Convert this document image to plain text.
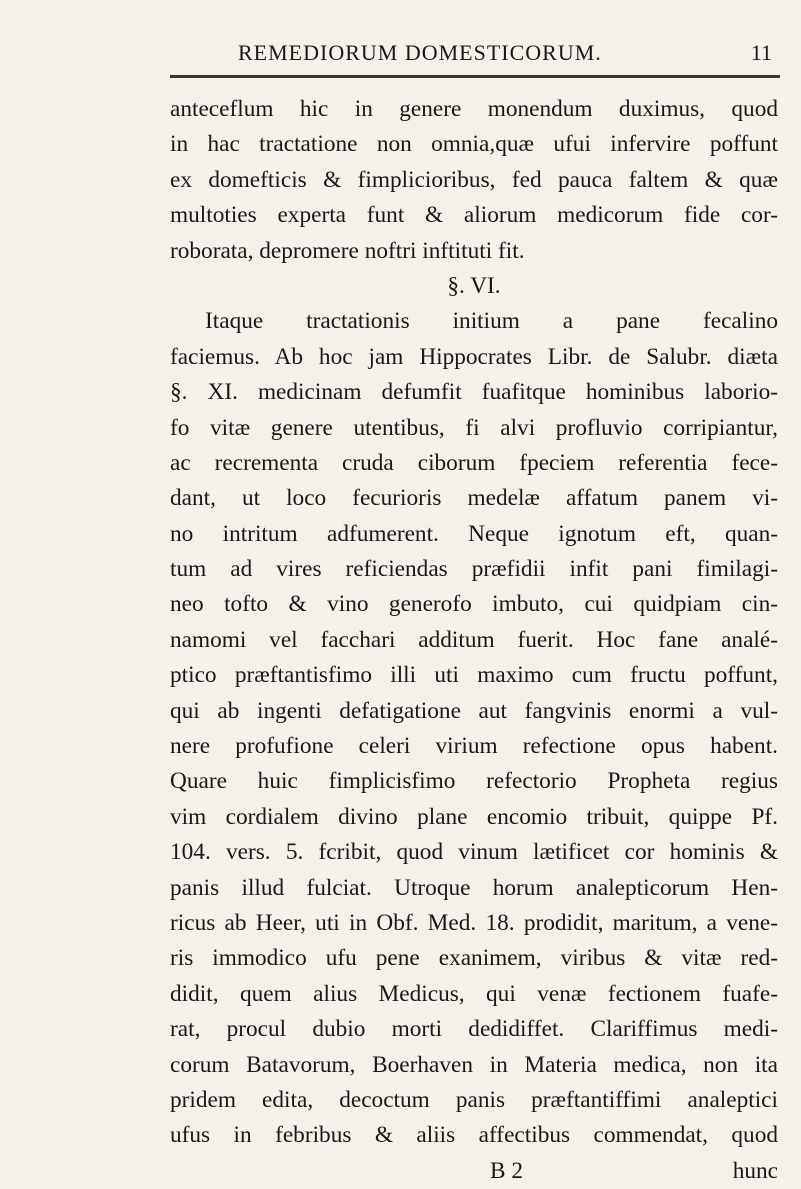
REMEDIORUM DOMESTICORUM.	11
anteceflum hic in genere monendum duximus, quod
in hac tractatione non omnia,quæ ufui infervire poffunt
ex domefticis & fimplicioribus, fed pauca faltem & quæ
multoties experta funt & aliorum medicorum fide cor-
roborata, depromere noftri inftituti fit.
§. VI.
Itaque tractationis initium a pane fecalino
faciemus. Ab hoc jam Hippocrates Libr. de Salubr. diæta
§. XI. medicinam defumfit fuafitque hominibus laborio-
fo vitæ genere utentibus, fi alvi profluvio corripiantur,
ac recrementa cruda ciborum fpeciem referentia fece-
dant, ut loco fecurioris medelæ affatum panem vi-
no intritum adfumerent. Neque ignotum eft, quan-
tum ad vires reficiendas præfidii infit pani fimilagi-
neo tofto & vino generofo imbuto, cui quidpiam cin-
namomi vel facchari additum fuerit. Hoc fane analé-
ptico præftantisfimo illi uti maximo cum fructu poffunt,
qui ab ingenti defatigatione aut fangvinis enormi a vul-
nere profufione celeri virium refectione opus habent.
Quare huic fimplicisfimo refectorio Propheta regius
vim cordialem divino plane encomio tribuit, quippe Pf.
104. vers. 5. fcribit, quod vinum lætificet cor hominis &
panis illud fulciat. Utroque horum analepticorum Hen-
ricus ab Heer, uti in Obf. Med. 18. prodidit, maritum, a vene-
ris immodico ufu pene exanimem, viribus & vitæ red-
didit, quem alius Medicus, qui venæ fectionem fuafe-
rat, procul dubio morti dedidiffet. Clariffimus medi-
corum Batavorum, Boerhaven in Materia medica, non ita
pridem edita, decoctum panis præftantiffimi analeptici
ufus in febribus & aliis affectibus commendat, quod
B 2	hunc
